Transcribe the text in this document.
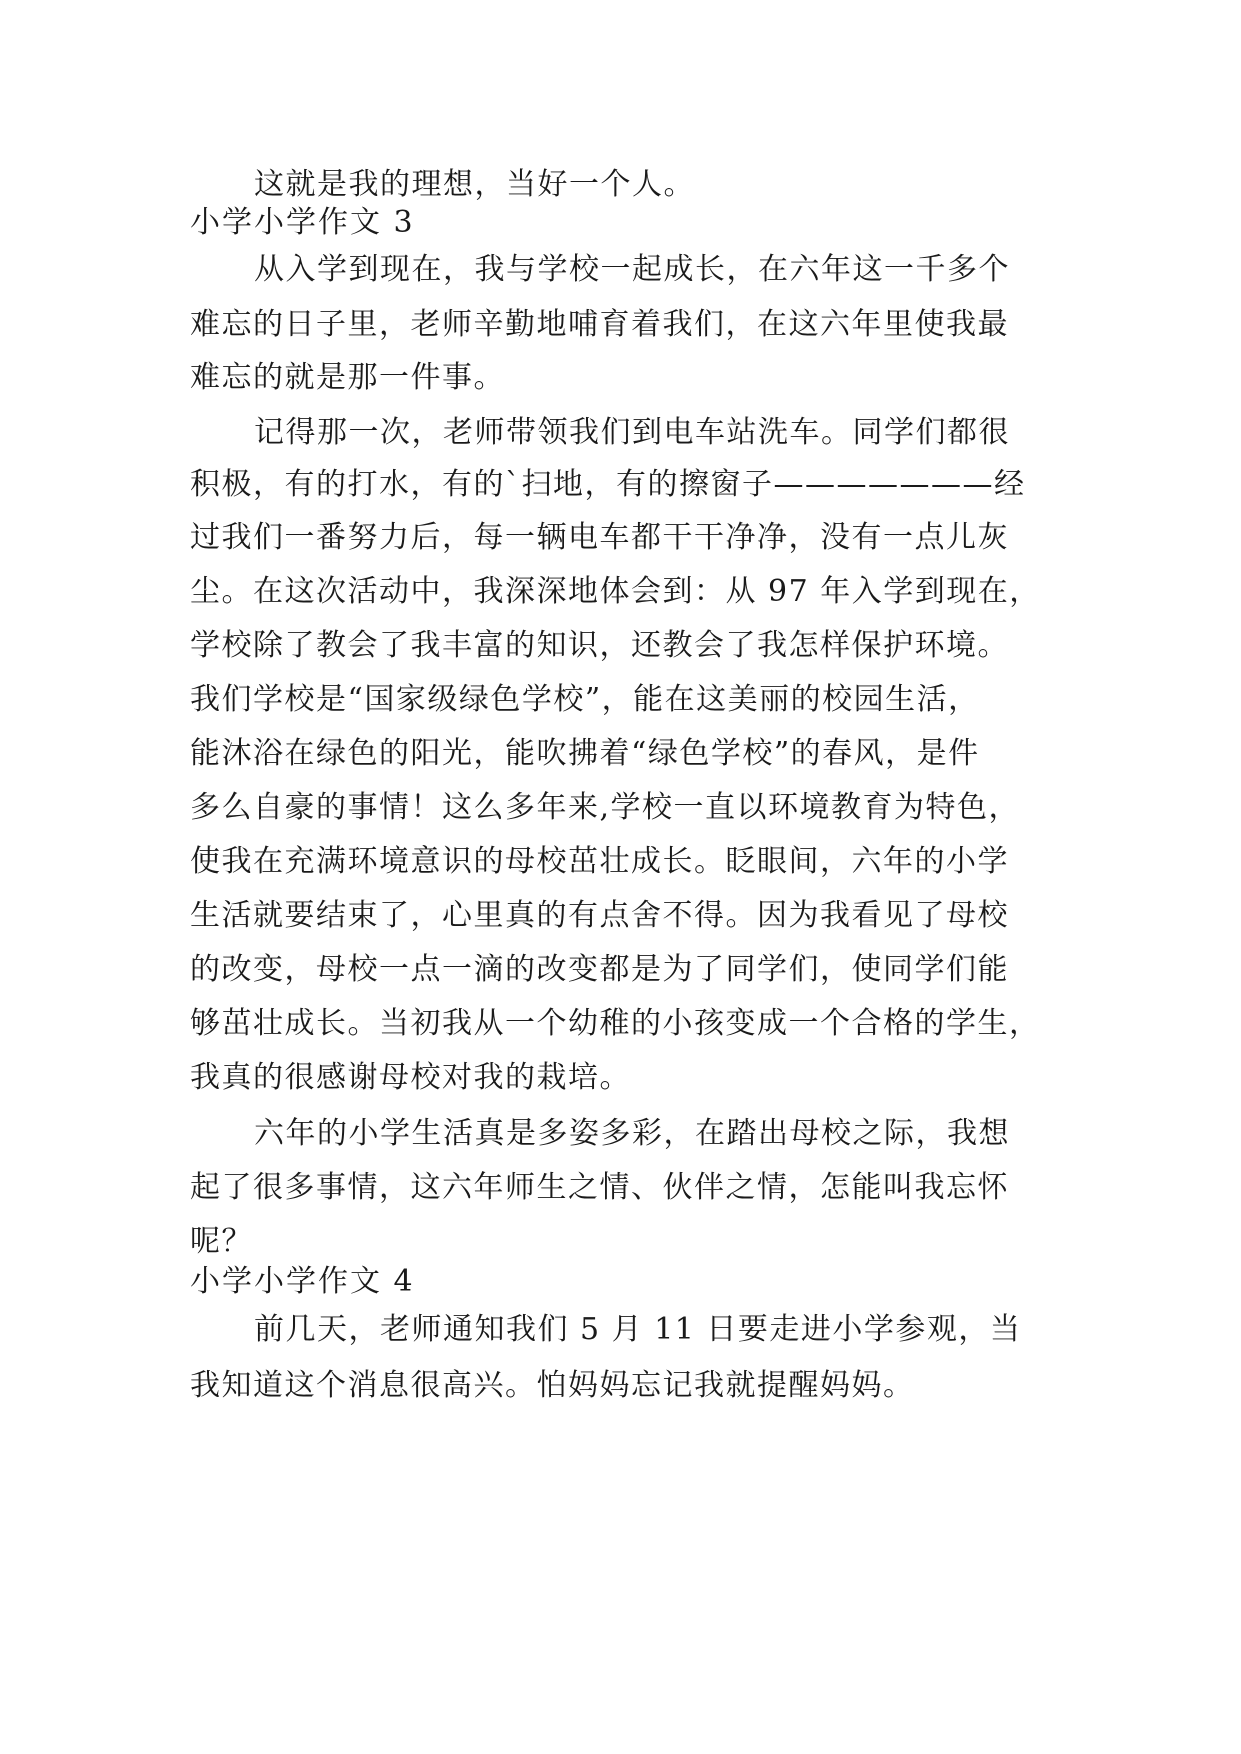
这就是我的理想，当好一个人。
小学小学作文 3
从入学到现在，我与学校一起成长，在六年这一千多个
难忘的日子里，老师辛勤地哺育着我们，在这六年里使我最
难忘的就是那一件事。
记得那一次，老师带领我们到电车站洗车。同学们都很
积极，有的打水，有的`扫地，有的擦窗子———————经
过我们一番努力后，每一辆电车都干干净净，没有一点儿灰
尘。在这次活动中，我深深地体会到：从 97 年入学到现在，
学校除了教会了我丰富的知识，还教会了我怎样保护环境。
我们学校是“国家级绿色学校”，能在这美丽的校园生活，
能沐浴在绿色的阳光，能吹拂着“绿色学校”的春风，是件
多么自豪的事情！这么多年来,学校一直以环境教育为特色，
使我在充满环境意识的母校茁壮成长。眨眼间，六年的小学
生活就要结束了，心里真的有点舍不得。因为我看见了母校
的改变，母校一点一滴的改变都是为了同学们，使同学们能
够茁壮成长。当初我从一个幼稚的小孩变成一个合格的学生，
我真的很感谢母校对我的栽培。
六年的小学生活真是多姿多彩，在踏出母校之际，我想
起了很多事情，这六年师生之情、伙伴之情，怎能叫我忘怀
呢？
小学小学作文 4
前几天，老师通知我们 5 月 11 日要走进小学参观，当
我知道这个消息很高兴。怕妈妈忘记我就提醒妈妈。
